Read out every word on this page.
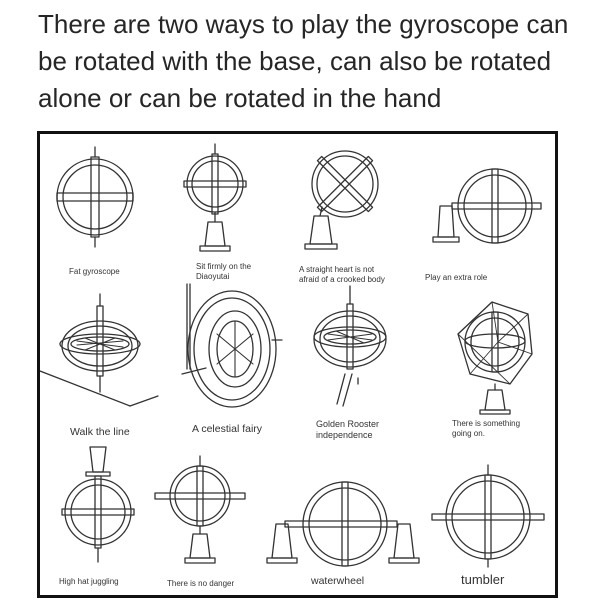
There are two ways to play the gyroscope can be rotated with the base, can also be rotated alone or can be rotated in the hand
Fat gyroscope
Sit firmly on the Diaoyutai
A straight heart is not afraid of a crooked body	Play an extra role
Walk the line	A celestial fairy	Golden Rooster independence
There is something going on.
High hat juggling	There is no danger	waterwheel	tumbler
